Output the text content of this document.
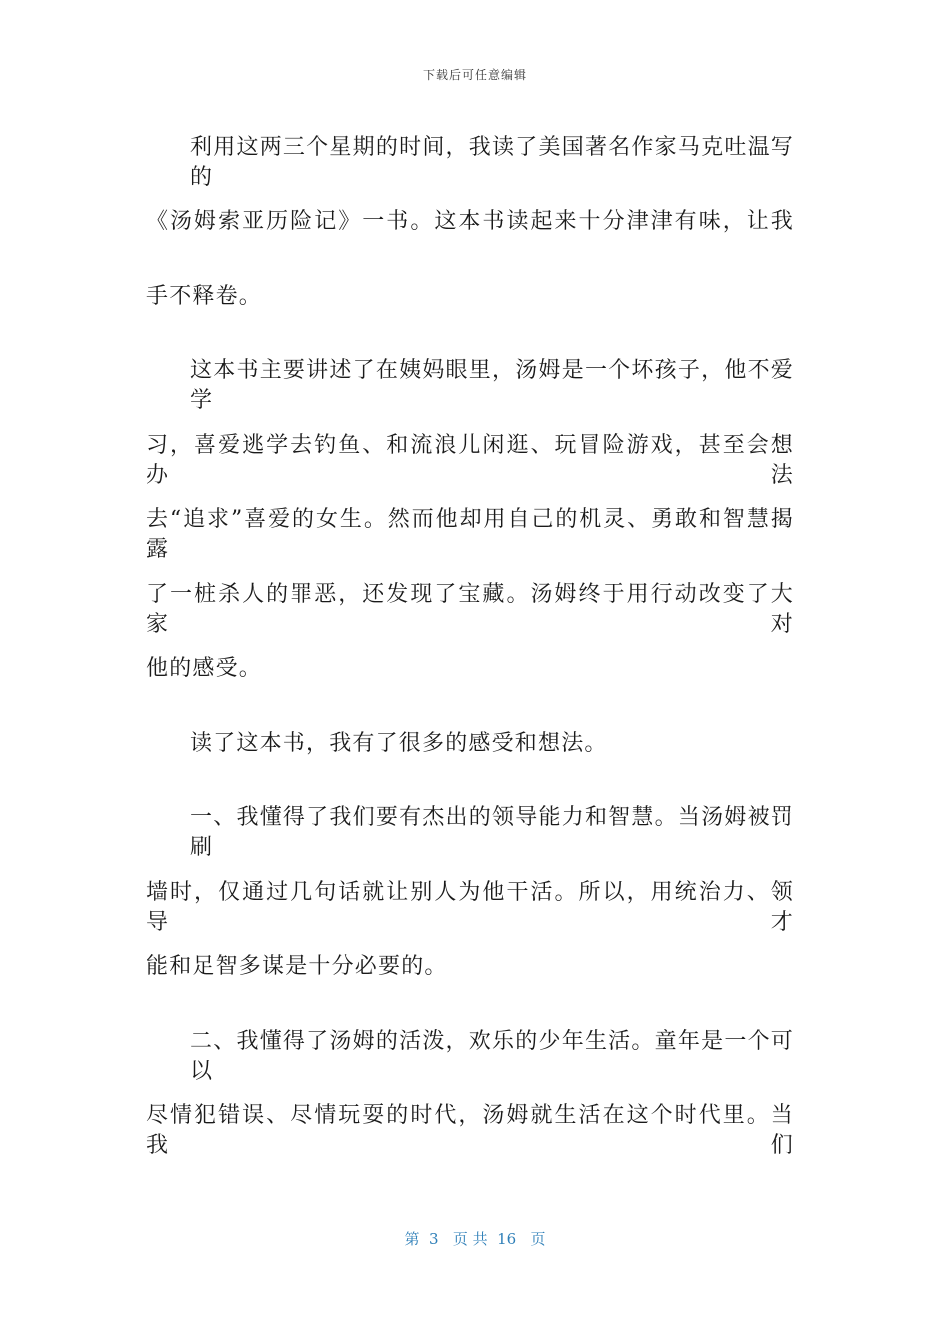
下载后可任意编辑
利用这两三个星期的时间，我读了美国著名作家马克吐温写的
《汤姆索亚历险记》一书。这本书读起来十分津津有味，让我
手不释卷。
这本书主要讲述了在姨妈眼里，汤姆是一个坏孩子，他不爱学
习，喜爱逃学去钓鱼、和流浪儿闲逛、玩冒险游戏，甚至会想办法
去“追求”喜爱的女生。然而他却用自己的机灵、勇敢和智慧揭露
了一桩杀人的罪恶，还发现了宝藏。汤姆终于用行动改变了大家对
他的感受。
读了这本书，我有了很多的感受和想法。
一、我懂得了我们要有杰出的领导能力和智慧。当汤姆被罚刷
墙时，仅通过几句话就让别人为他干活。所以，用统治力、领导才
能和足智多谋是十分必要的。
二、我懂得了汤姆的活泼，欢乐的少年生活。童年是一个可以
尽情犯错误、尽情玩耍的时代，汤姆就生活在这个时代里。当我们
第  3   页 共  16   页
